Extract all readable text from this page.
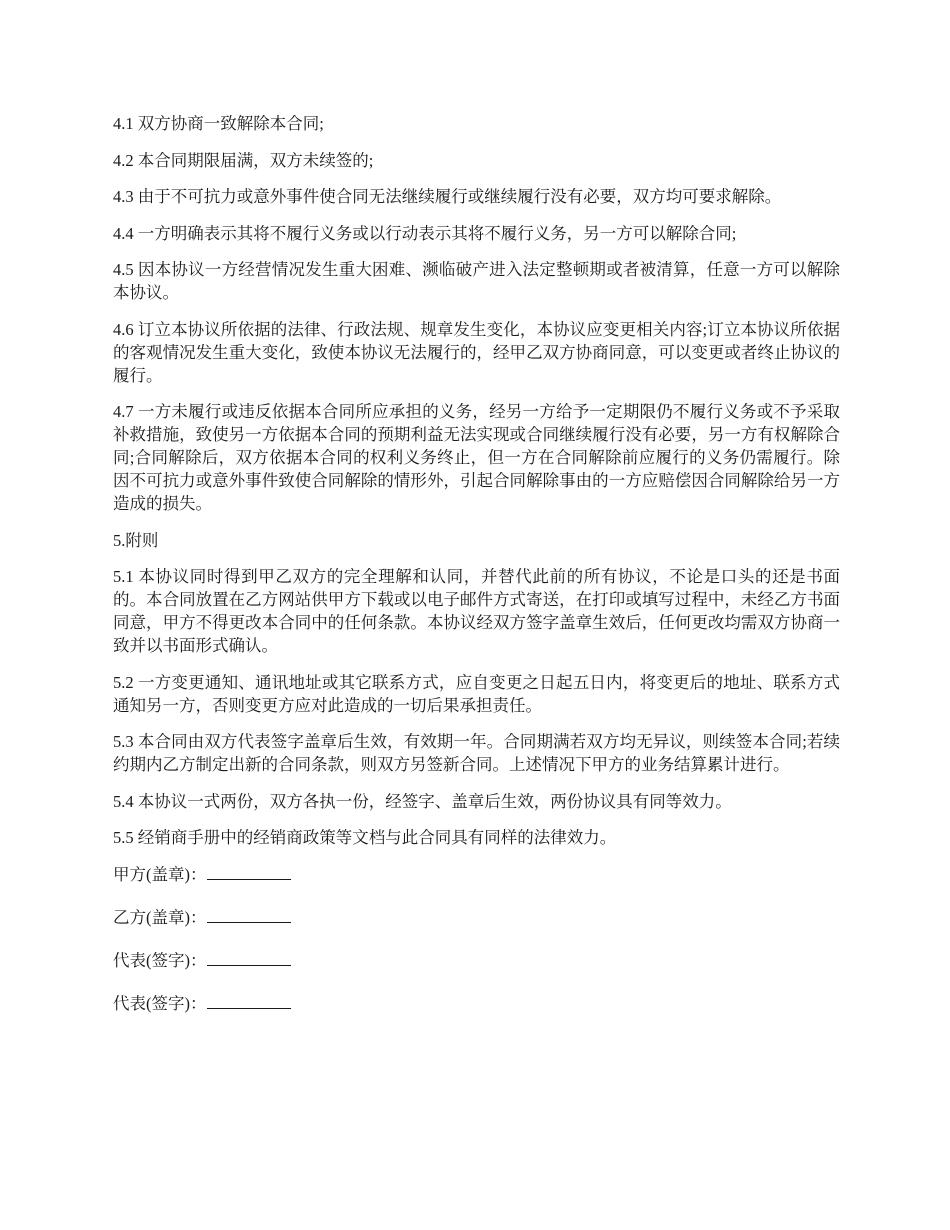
4.1 双方协商一致解除本合同;

4.2 本合同期限届满，双方未续签的;

4.3 由于不可抗力或意外事件使合同无法继续履行或继续履行没有必要，双方均可要求解除。

4.4 一方明确表示其将不履行义务或以行动表示其将不履行义务，另一方可以解除合同;

4.5 因本协议一方经营情况发生重大困难、濒临破产进入法定整顿期或者被清算，任意一方可以解除本协议。

4.6 订立本协议所依据的法律、行政法规、规章发生变化，本协议应变更相关内容;订立本协议所依据的客观情况发生重大变化，致使本协议无法履行的，经甲乙双方协商同意，可以变更或者终止协议的履行。

4.7 一方未履行或违反依据本合同所应承担的义务，经另一方给予一定期限仍不履行义务或不予采取补救措施，致使另一方依据本合同的预期利益无法实现或合同继续履行没有必要，另一方有权解除合同;合同解除后，双方依据本合同的权利义务终止，但一方在合同解除前应履行的义务仍需履行。除因不可抗力或意外事件致使合同解除的情形外，引起合同解除事由的一方应赔偿因合同解除给另一方造成的损失。

5.附则

5.1 本协议同时得到甲乙双方的完全理解和认同，并替代此前的所有协议，不论是口头的还是书面的。本合同放置在乙方网站供甲方下载或以电子邮件方式寄送，在打印或填写过程中，未经乙方书面同意，甲方不得更改本合同中的任何条款。本协议经双方签字盖章生效后，任何更改均需双方协商一致并以书面形式确认。

5.2 一方变更通知、通讯地址或其它联系方式，应自变更之日起五日内，将变更后的地址、联系方式通知另一方，否则变更方应对此造成的一切后果承担责任。

5.3 本合同由双方代表签字盖章后生效，有效期一年。合同期满若双方均无异议，则续签本合同;若续约期内乙方制定出新的合同条款，则双方另签新合同。上述情况下甲方的业务结算累计进行。

5.4 本协议一式两份，双方各执一份，经签字、盖章后生效，两份协议具有同等效力。

5.5 经销商手册中的经销商政策等文档与此合同具有同样的法律效力。

甲方(盖章)：
乙方(盖章)：
代表(签字)：
代表(签字)：
